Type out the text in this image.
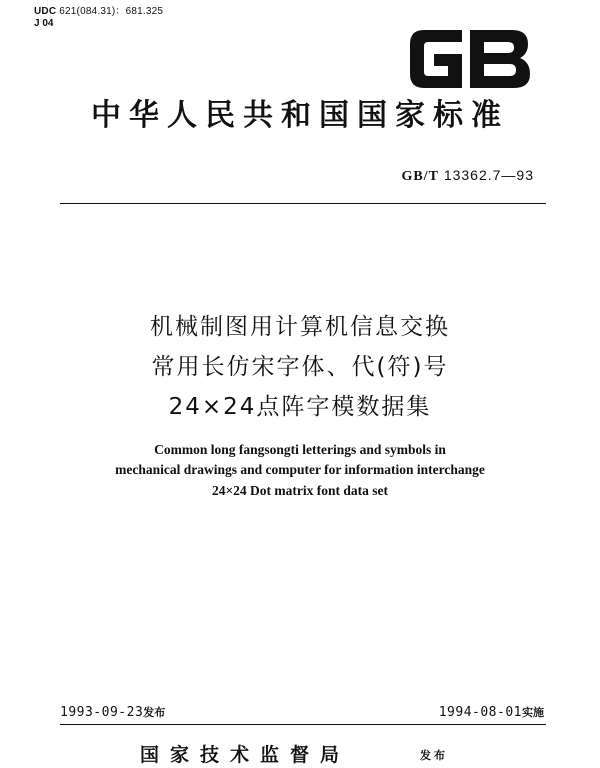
UDC 621(084.31)：681.325
J 04
中华人民共和国国家标准
GB/T 13362.7—93
机械制图用计算机信息交换
常用长仿宋字体、代(符)号
24×24点阵字模数据集
Common long fangsongti letterings and symbols in
mechanical drawings and computer for information interchange
24×24 Dot matrix font data set
1993-09-23发布	1994-08-01实施
国家技术监督局	发布
